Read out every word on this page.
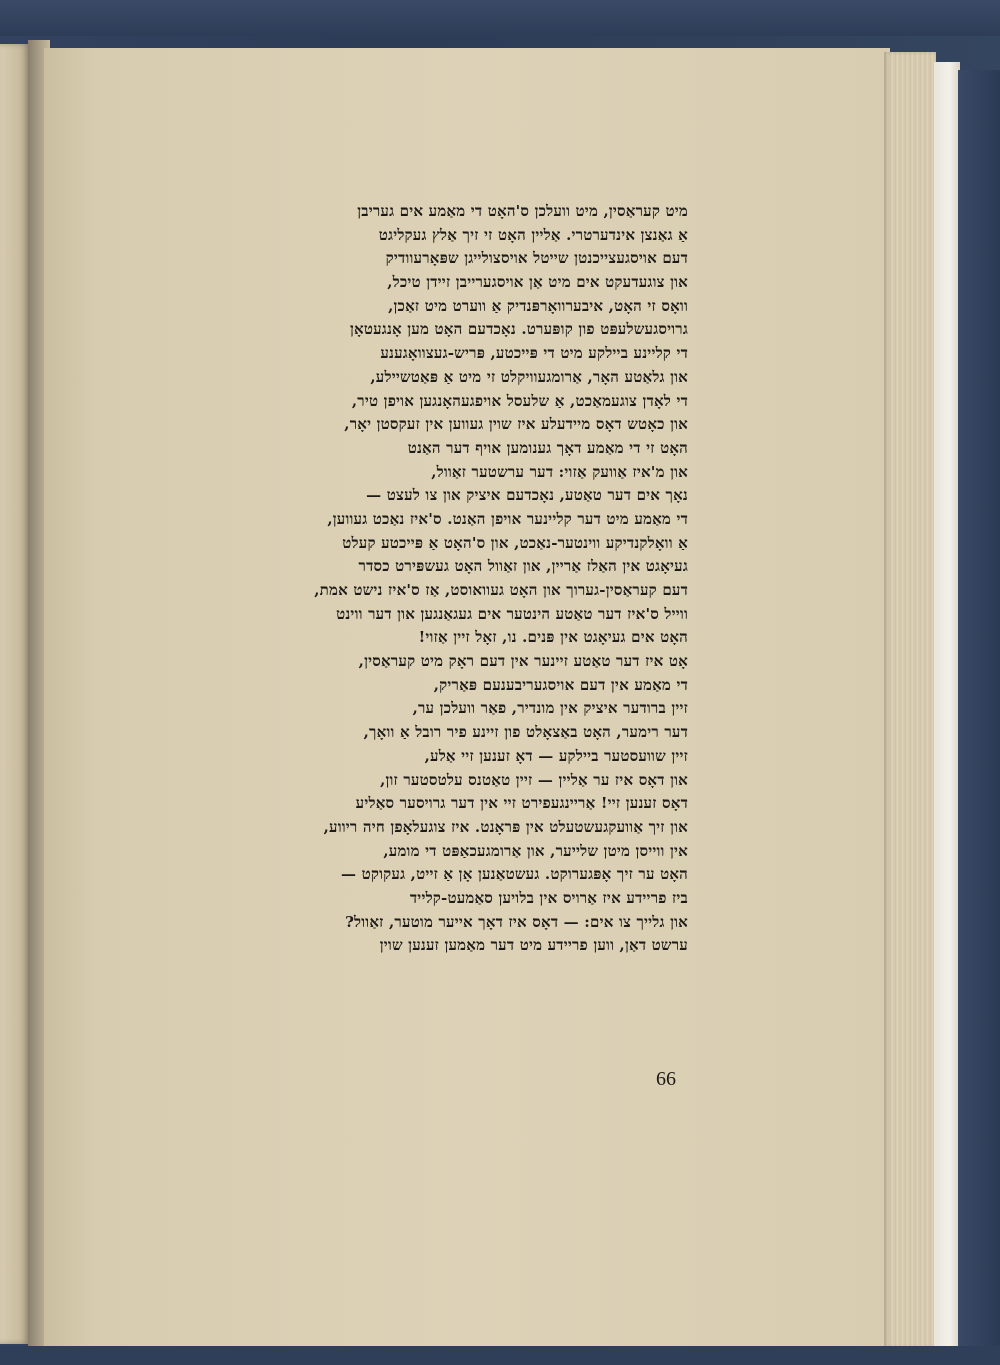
מיט קעראַסין, מיט וועלכן ס'האָט די מאַמע אים געריבן
אַ גאַנצן אינדערטרי. אַליין האָט זי זיך אַלץ געקליגט
דעם אויסגעצייכנטן שייטל אויסצולייגן שפּאָרעוודיק
און צוגעדעקט אים מיט אַן אויסגערייבן זיידן טיכל,
וואָס זי האָט, איבערוואָרפּנדיק אַ ווערט מיט זאַכן,
גרויסגעשלעפּט פון קופּערט. נאָכדעם האָט מען אָנגעטאָן
די קליינע ביילקע מיט די פּייכטע, פּריש-געצוואָגענע
און גלאַטע האָר, אַרומגעוויקלט זי מיט אַ פּאַטשיילע,
די לאָדן צוגעמאַכט, אַ שלעסל אויפגעהאָנגען אויפן טיר,
און כאָטש דאָס מיידעלע איז שוין געווען אין זעקסטן יאָר,
האָט זי די מאַמע דאָך גענומען אויף דער האַנט
און מ'איז אַוועק אַזוי: דער ערשטער זאַוול,
נאָך אים דער טאַטע, נאָכדעם איציק און צו לעצט —
די מאַמע מיט דער קליינער אויפן האַנט. ס'איז נאַכט געווען,
אַ וואָלקנדיקע ווינטער-נאַכט, און ס'האָט אַ פּייכטע קעלט
געיאָגט אין האַלז אַריין, און זאַוול האָט געשפּירט כסדר
דעם קעראַסין-גערוך און האָט געוואוסט, אַז ס'איז נישט אמת,
ווייל ס'איז דער טאַטע הינטער אים געגאַנגען און דער ווינט
האָט אים געיאָגט אין פּנים. נו, זאָל זיין אַזוי!
אָט איז דער טאַטע זיינער אין דעם ראָק מיט קעראַסין,
די מאַמע אין דעם אויסגעריבענעם פּאַריק,
זיין ברודער איציק אין מונדיר, פאַר וועלכן ער,
דער רימער, האָט באַצאָלט פון זיינע פיר רובל אַ וואָך,
זיין שוועסטער ביילקע — דאָ זענען זיי אַלע,
און דאָס איז ער אַליין — זיין טאַטנס עלטסטער זון,
דאָס זענען זיי! אַריינגעפירט זיי אין דער גרויסער סאַליע
און זיך אַוועקגעשטעלט אין פּראָנט. איז צוגעלאָפן חיה ריווע,
אין ווייסן מיטן שלייער, און אַרומגעכאַפּט די מומע,
האָט ער זיך אָפּגערוקט. געשטאַנען אָן אַ זייט, געקוקט —
ביז פריידע איז אַרויס אין בלויען סאַמעט-קלייד
און גלייך צו אים: — דאָס איז דאָך אייער מוטער, זאַוול?
ערשט דאַן, ווען פריידע מיט דער מאַמען זענען שוין
66
